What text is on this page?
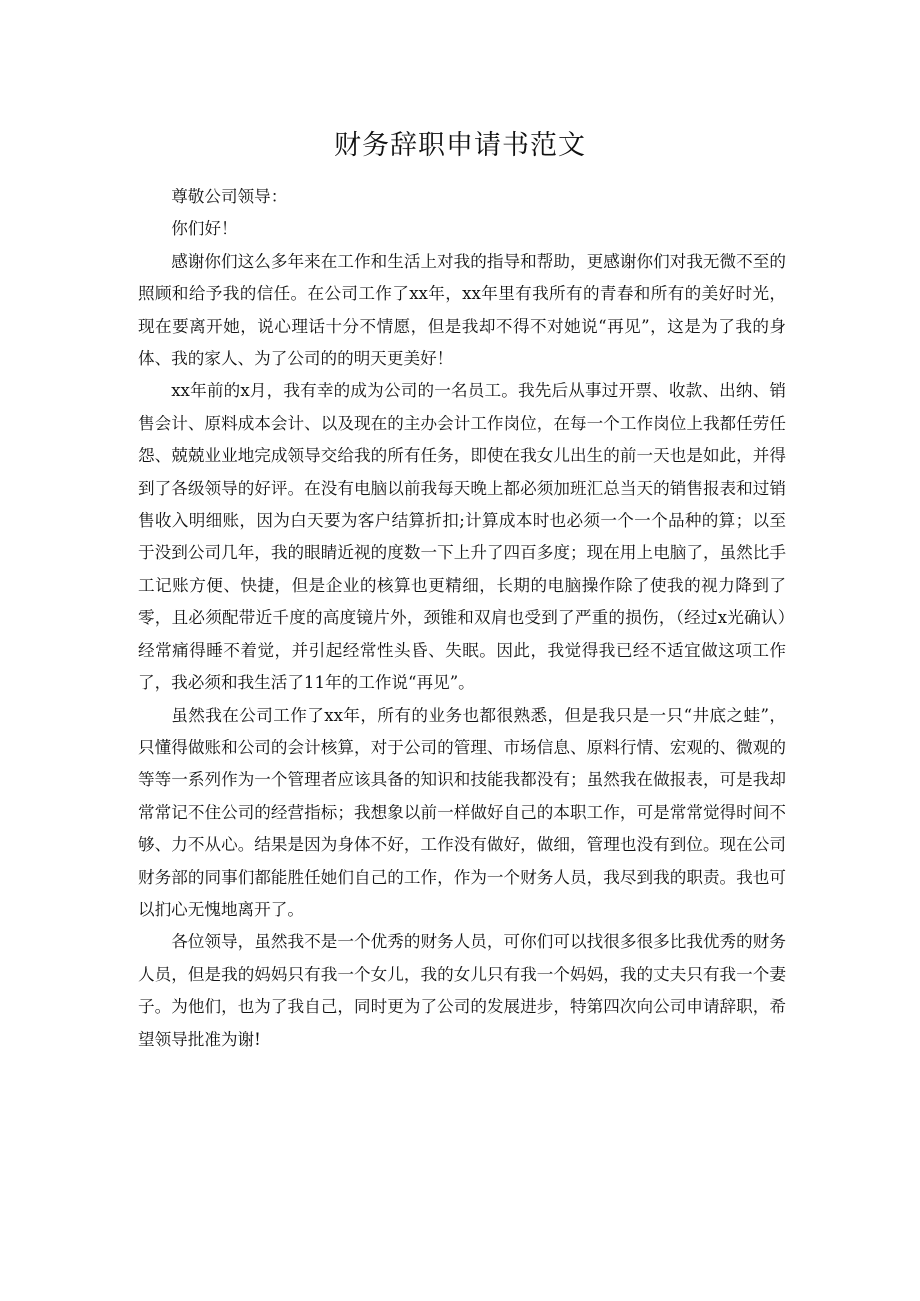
财务辞职申请书范文

尊敬公司领导：

你们好！

感谢你们这么多年来在工作和生活上对我的指导和帮助，更感谢你们对我无微不至的照顾和给予我的信任。在公司工作了xx年，xx年里有我所有的青春和所有的美好时光，现在要离开她，说心理话十分不情愿，但是我却不得不对她说“再见”，这是为了我的身体、我的家人、为了公司的的明天更美好！

xx年前的x月，我有幸的成为公司的一名员工。我先后从事过开票、收款、出纳、销售会计、原料成本会计、以及现在的主办会计工作岗位，在每一个工作岗位上我都任劳任怨、兢兢业业地完成领导交给我的所有任务，即使在我女儿出生的前一天也是如此，并得到了各级领导的好评。在没有电脑以前我每天晚上都必须加班汇总当天的销售报表和过销售收入明细账，因为白天要为客户结算折扣;计算成本时也必须一个一个品种的算；以至于没到公司几年，我的眼睛近视的度数一下上升了四百多度；现在用上电脑了，虽然比手工记账方便、快捷，但是企业的核算也更精细，长期的电脑操作除了使我的视力降到了零，且必须配带近千度的高度镜片外，颈锥和双肩也受到了严重的损伤，（经过x光确认）经常痛得睡不着觉，并引起经常性头昏、失眠。因此，我觉得我已经不适宜做这项工作了，我必须和我生活了11年的工作说“再见”。

虽然我在公司工作了xx年，所有的业务也都很熟悉，但是我只是一只“井底之蛙”，只懂得做账和公司的会计核算，对于公司的管理、市场信息、原料行情、宏观的、微观的等等一系列作为一个管理者应该具备的知识和技能我都没有；虽然我在做报表，可是我却常常记不住公司的经营指标；我想象以前一样做好自己的本职工作，可是常常觉得时间不够、力不从心。结果是因为身体不好，工作没有做好，做细，管理也没有到位。现在公司财务部的同事们都能胜任她们自己的工作，作为一个财务人员，我尽到我的职责。我也可以扪心无愧地离开了。

各位领导，虽然我不是一个优秀的财务人员，可你们可以找很多很多比我优秀的财务人员，但是我的妈妈只有我一个女儿，我的女儿只有我一个妈妈，我的丈夫只有我一个妻子。为他们，也为了我自己，同时更为了公司的发展进步，特第四次向公司申请辞职，希望领导批准为谢!
